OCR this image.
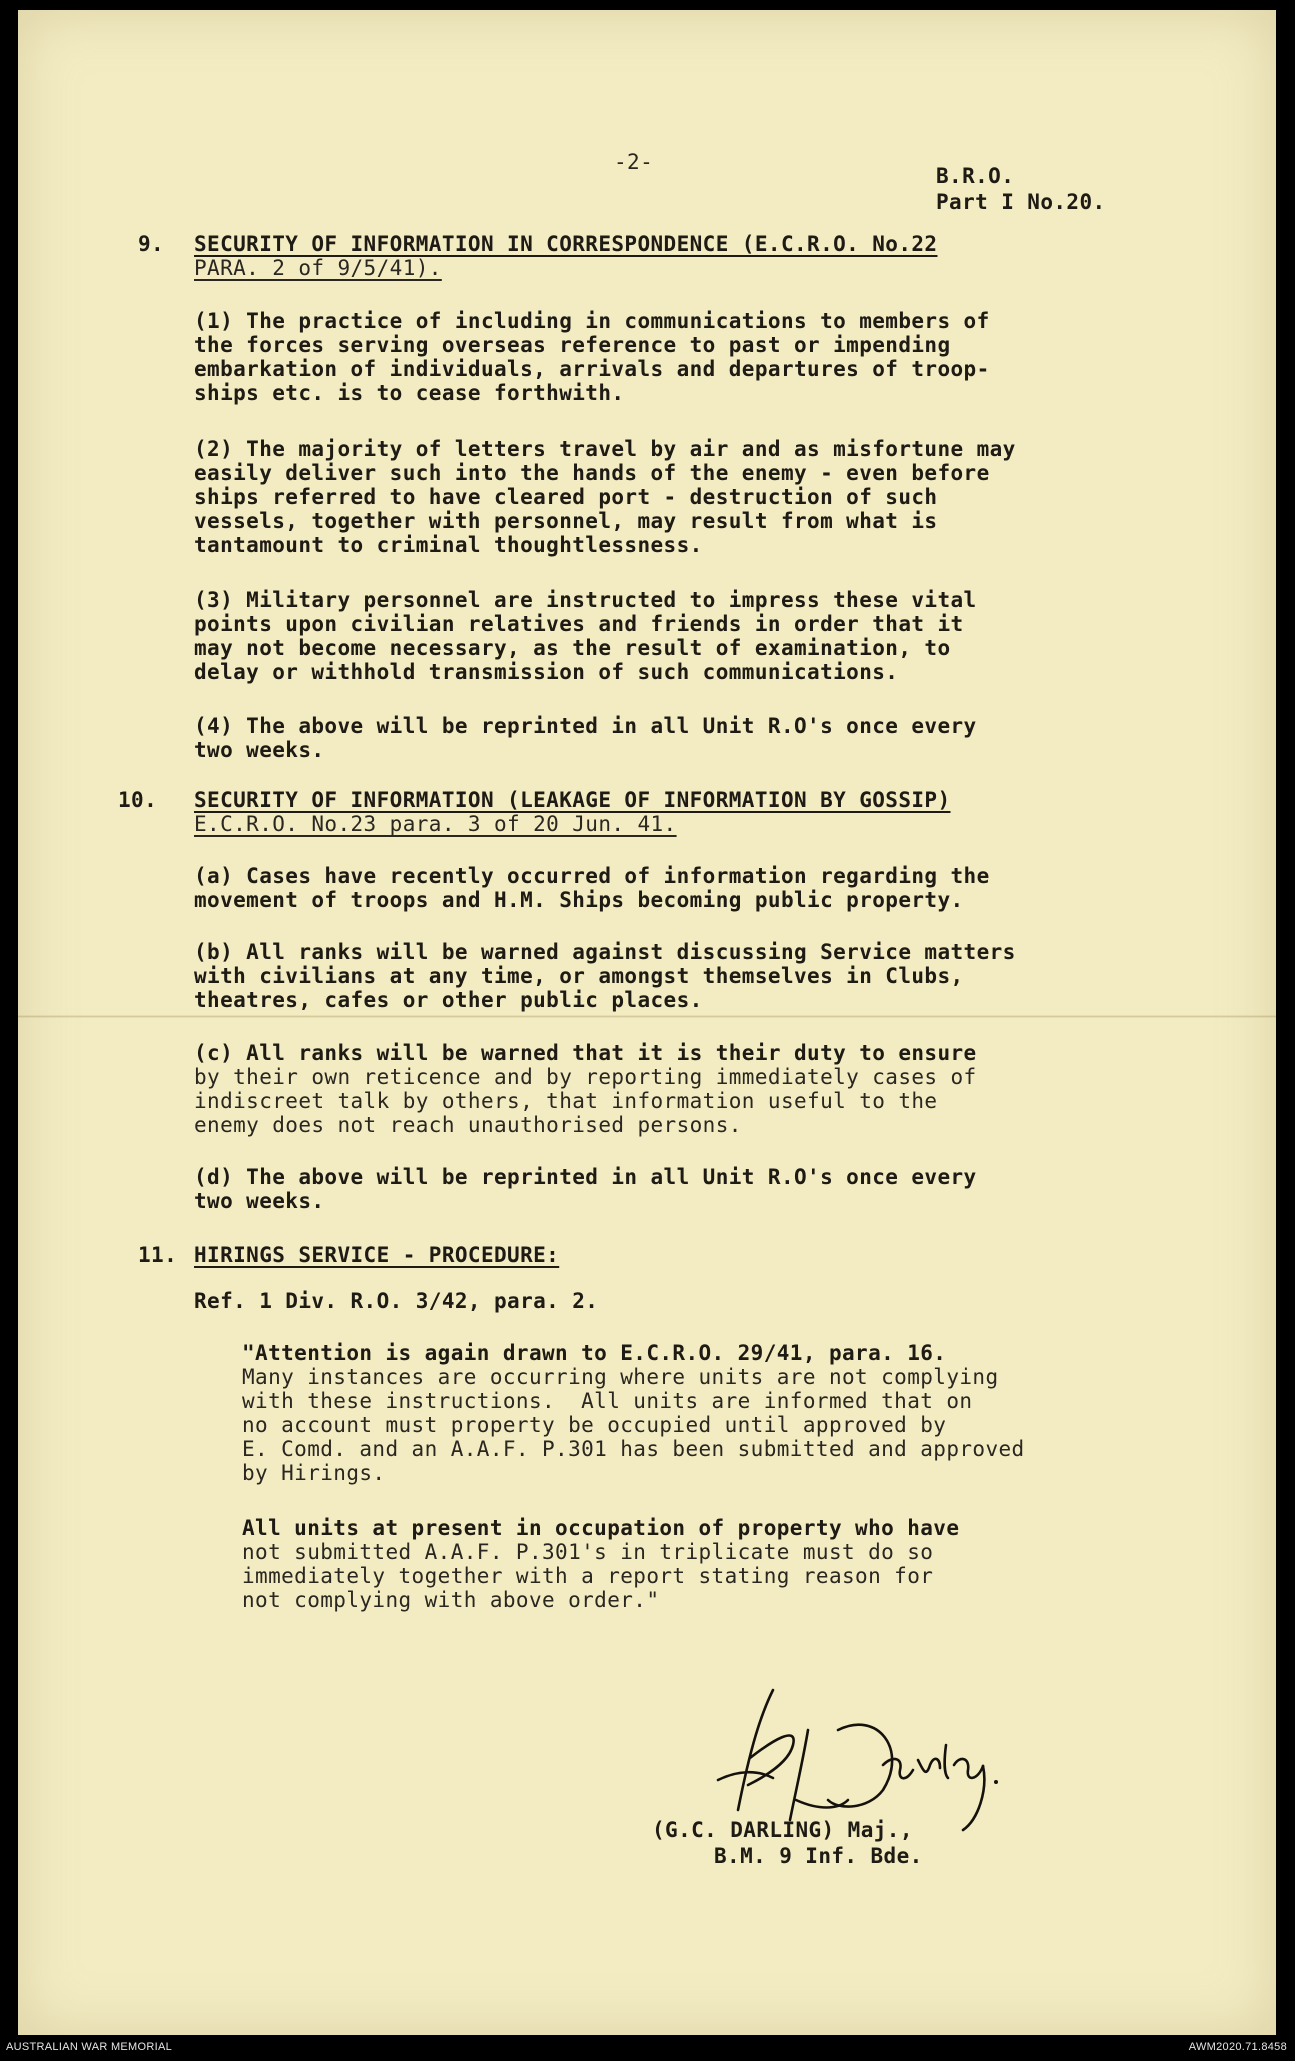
-2-
B.R.O.
Part I No.20.
9. SECURITY OF INFORMATION IN CORRESPONDENCE (E.C.R.O. No.22
PARA. 2 of 9/5/41).
(1) The practice of including in communications to members of
the forces serving overseas reference to past or impending
embarkation of individuals, arrivals and departures of troop-
ships etc. is to cease forthwith.
(2) The majority of letters travel by air and as misfortune may
easily deliver such into the hands of the enemy - even before
ships referred to have cleared port - destruction of such
vessels, together with personnel, may result from what is
tantamount to criminal thoughtlessness.
(3) Military personnel are instructed to impress these vital
points upon civilian relatives and friends in order that it
may not become necessary, as the result of examination, to
delay or withhold transmission of such communications.
(4) The above will be reprinted in all Unit R.O's once every
two weeks.
10. SECURITY OF INFORMATION (LEAKAGE OF INFORMATION BY GOSSIP)
E.C.R.O. No.23 para. 3 of 20 Jun. 41.
(a) Cases have recently occurred of information regarding the
movement of troops and H.M. Ships becoming public property.
(b) All ranks will be warned against discussing Service matters
with civilians at any time, or amongst themselves in Clubs,
theatres, cafes or other public places.
(c) All ranks will be warned that it is their duty to ensure
by their own reticence and by reporting immediately cases of
indiscreet talk by others, that information useful to the
enemy does not reach unauthorised persons.
(d) The above will be reprinted in all Unit R.O's once every
two weeks.
11. HIRINGS SERVICE - PROCEDURE:
Ref. 1 Div. R.O. 3/42, para. 2.
"Attention is again drawn to E.C.R.O. 29/41, para. 16.
Many instances are occurring where units are not complying
with these instructions.  All units are informed that on
no account must property be occupied until approved by
E. Comd. and an A.A.F. P.301 has been submitted and approved
by Hirings.
All units at present in occupation of property who have
not submitted A.A.F. P.301's in triplicate must do so
immediately together with a report stating reason for
not complying with above order."
(G.C. DARLING) Maj.,
B.M. 9 Inf. Bde.
AUSTRALIAN WAR MEMORIAL	AWM2020.71.8458
